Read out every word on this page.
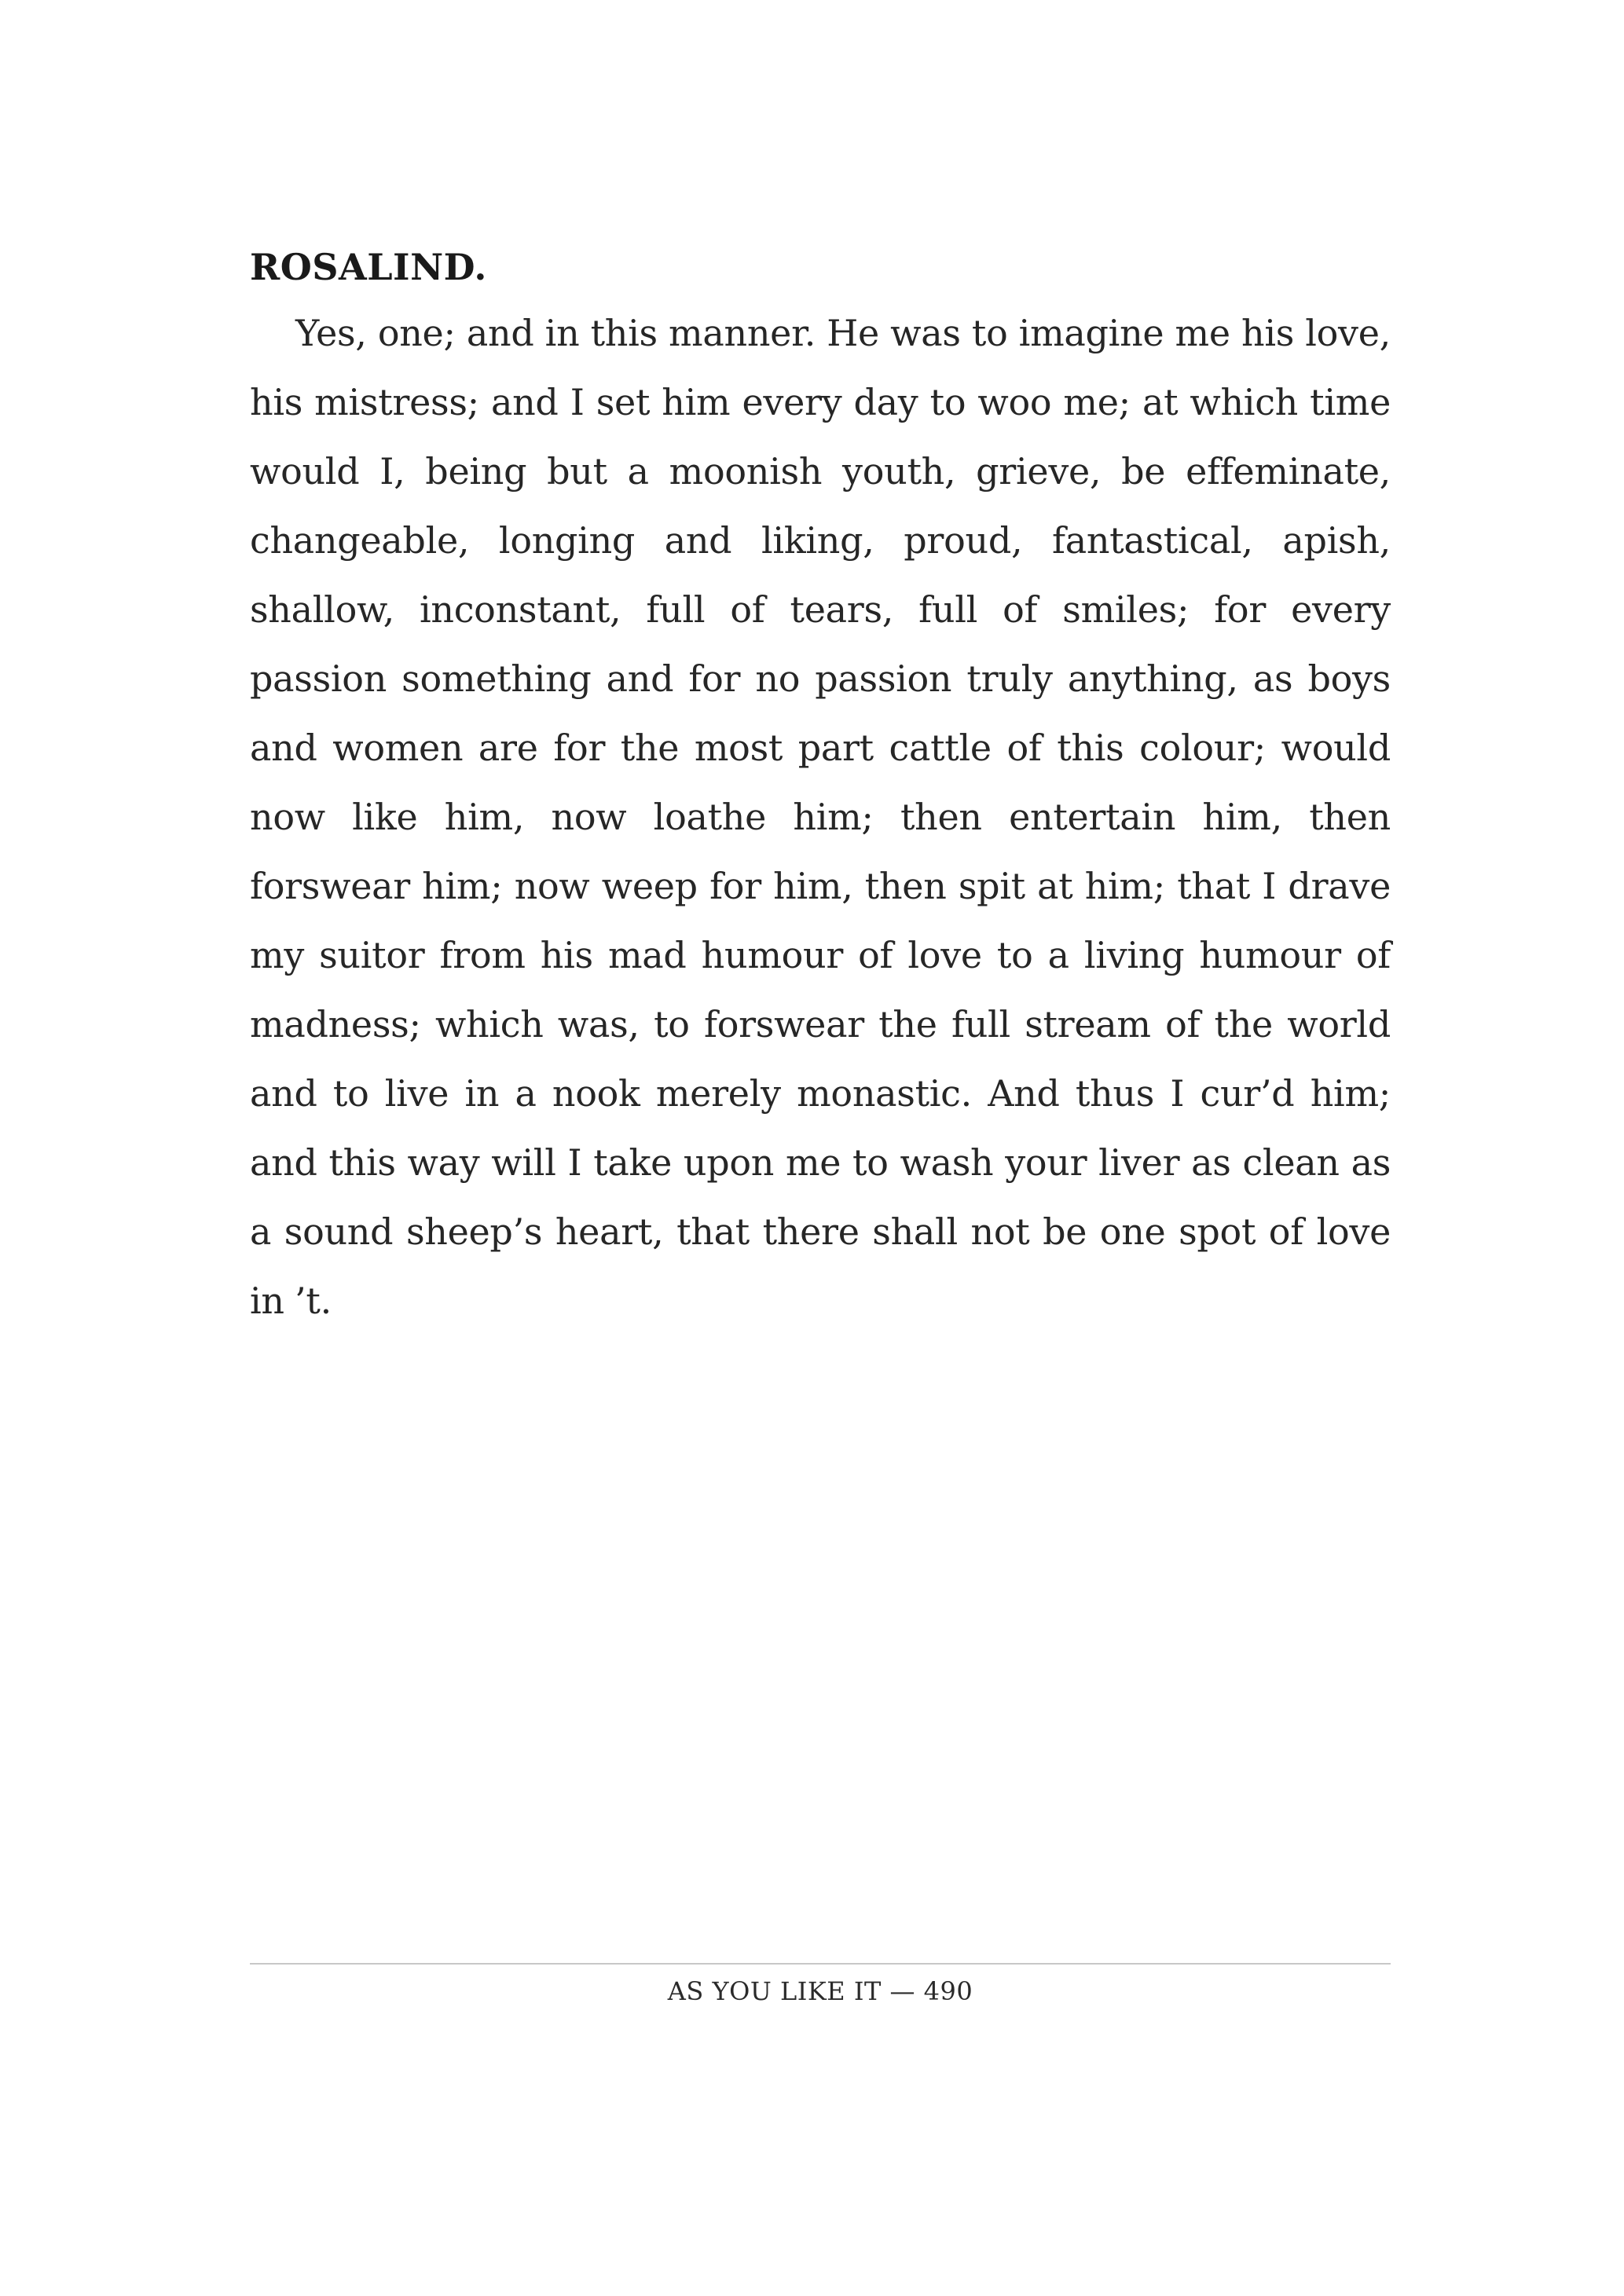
ROSALIND.

Yes, one; and in this manner. He was to imagine me his love, his mistress; and I set him every day to woo me; at which time would I, being but a moonish youth, grieve, be effeminate, changeable, longing and liking, proud, fantastical, apish, shallow, inconstant, full of tears, full of smiles; for every passion something and for no passion truly anything, as boys and women are for the most part cattle of this colour; would now like him, now loathe him; then entertain him, then forswear him; now weep for him, then spit at him; that I drave my suitor from his mad humour of love to a living humour of madness; which was, to forswear the full stream of the world and to live in a nook merely monastic. And thus I cur’d him; and this way will I take upon me to wash your liver as clean as a sound sheep’s heart, that there shall not be one spot of love in ’t.

AS YOU LIKE IT — 490
